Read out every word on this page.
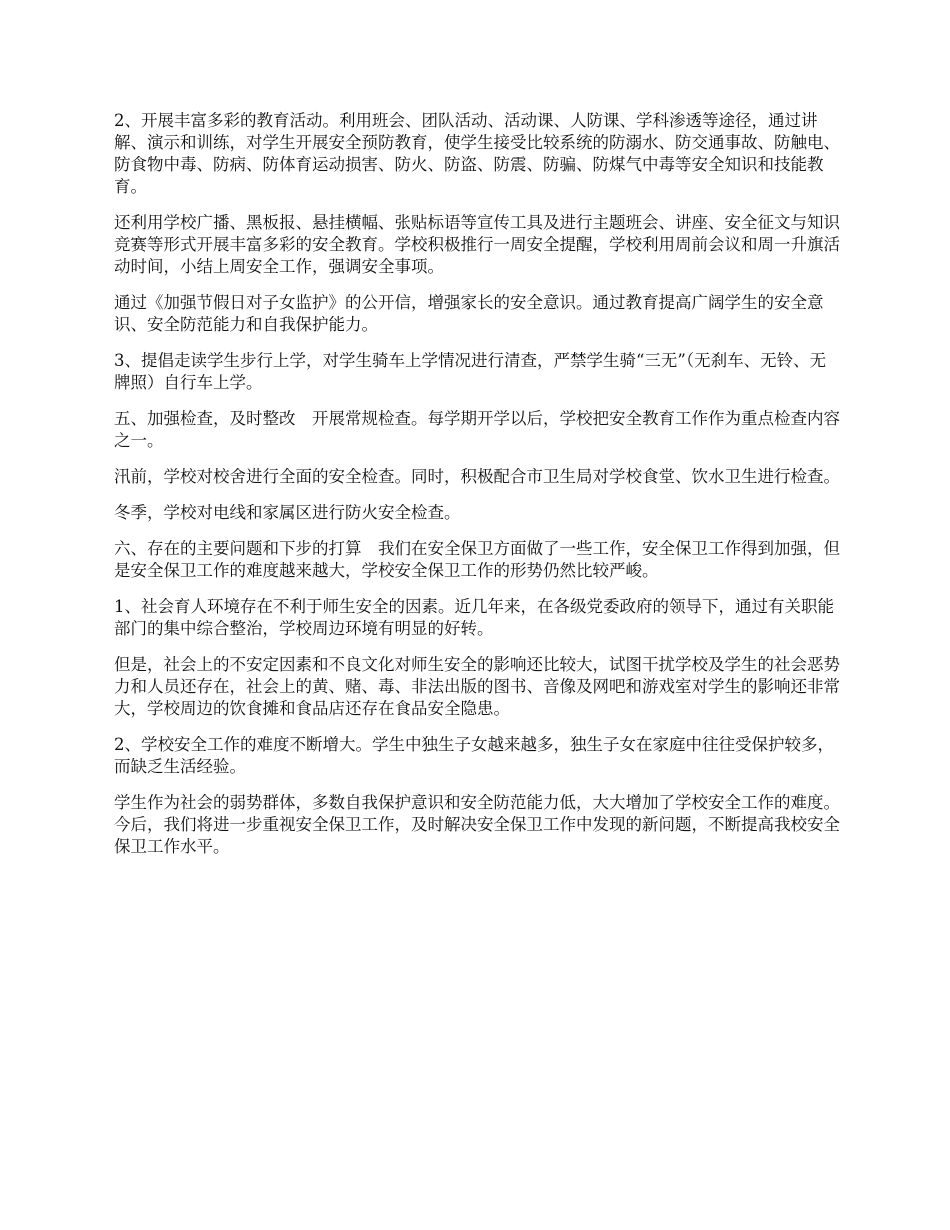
2、开展丰富多彩的教育活动。利用班会、团队活动、活动课、人防课、学科渗透等途径，通过讲解、演示和训练，对学生开展安全预防教育，使学生接受比较系统的防溺水、防交通事故、防触电、防食物中毒、防病、防体育运动损害、防火、防盗、防震、防骗、防煤气中毒等安全知识和技能教育。

还利用学校广播、黑板报、悬挂横幅、张贴标语等宣传工具及进行主题班会、讲座、安全征文与知识竞赛等形式开展丰富多彩的安全教育。学校积极推行一周安全提醒，学校利用周前会议和周一升旗活动时间，小结上周安全工作，强调安全事项。

通过《加强节假日对子女监护》的公开信，增强家长的安全意识。通过教育提高广阔学生的安全意识、安全防范能力和自我保护能力。

3、提倡走读学生步行上学，对学生骑车上学情况进行清查，严禁学生骑“三无”（无刹车、无铃、无牌照）自行车上学。

五、加强检查，及时整改　开展常规检查。每学期开学以后，学校把安全教育工作作为重点检查内容之一。

汛前，学校对校舍进行全面的安全检查。同时，积极配合市卫生局对学校食堂、饮水卫生进行检查。

冬季，学校对电线和家属区进行防火安全检查。

六、存在的主要问题和下步的打算　我们在安全保卫方面做了一些工作，安全保卫工作得到加强，但是安全保卫工作的难度越来越大，学校安全保卫工作的形势仍然比较严峻。

1、社会育人环境存在不利于师生安全的因素。近几年来，在各级党委政府的领导下，通过有关职能部门的集中综合整治，学校周边环境有明显的好转。

但是，社会上的不安定因素和不良文化对师生安全的影响还比较大，试图干扰学校及学生的社会恶势力和人员还存在，社会上的黄、赌、毒、非法出版的图书、音像及网吧和游戏室对学生的影响还非常大，学校周边的饮食摊和食品店还存在食品安全隐患。

2、学校安全工作的难度不断增大。学生中独生子女越来越多，独生子女在家庭中往往受保护较多，而缺乏生活经验。

学生作为社会的弱势群体，多数自我保护意识和安全防范能力低，大大增加了学校安全工作的难度。　今后，我们将进一步重视安全保卫工作，及时解决安全保卫工作中发现的新问题，不断提高我校安全保卫工作水平。
